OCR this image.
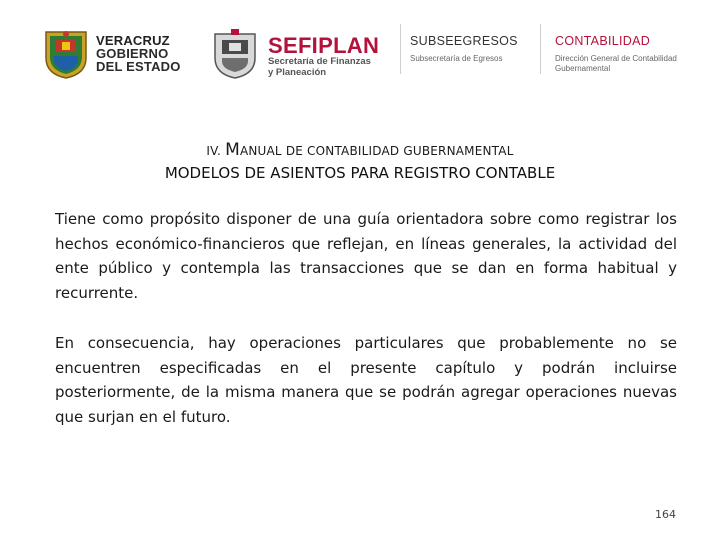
VERACRUZ
GOBIERNO
DEL ESTADO
SEFIPLAN
Secretaría de Finanzas
y Planeación
SUBSEEGRESOS
Subsecretaría de Egresos
CONTABILIDAD
Dirección General de Contabilidad
Gubernamental
IV. MANUAL DE CONTABILIDAD GUBERNAMENTAL
MODELOS DE ASIENTOS PARA REGISTRO CONTABLE

Tiene como propósito disponer de una guía orientadora sobre como registrar los hechos económico-financieros que reflejan, en líneas generales, la actividad del ente público y contempla las transacciones que se dan en forma habitual y recurrente.

En consecuencia, hay operaciones particulares que probablemente no se encuentren especificadas en el presente capítulo y podrán incluirse posteriormente, de la misma manera que se podrán agregar operaciones nuevas que surjan en el futuro.

164
